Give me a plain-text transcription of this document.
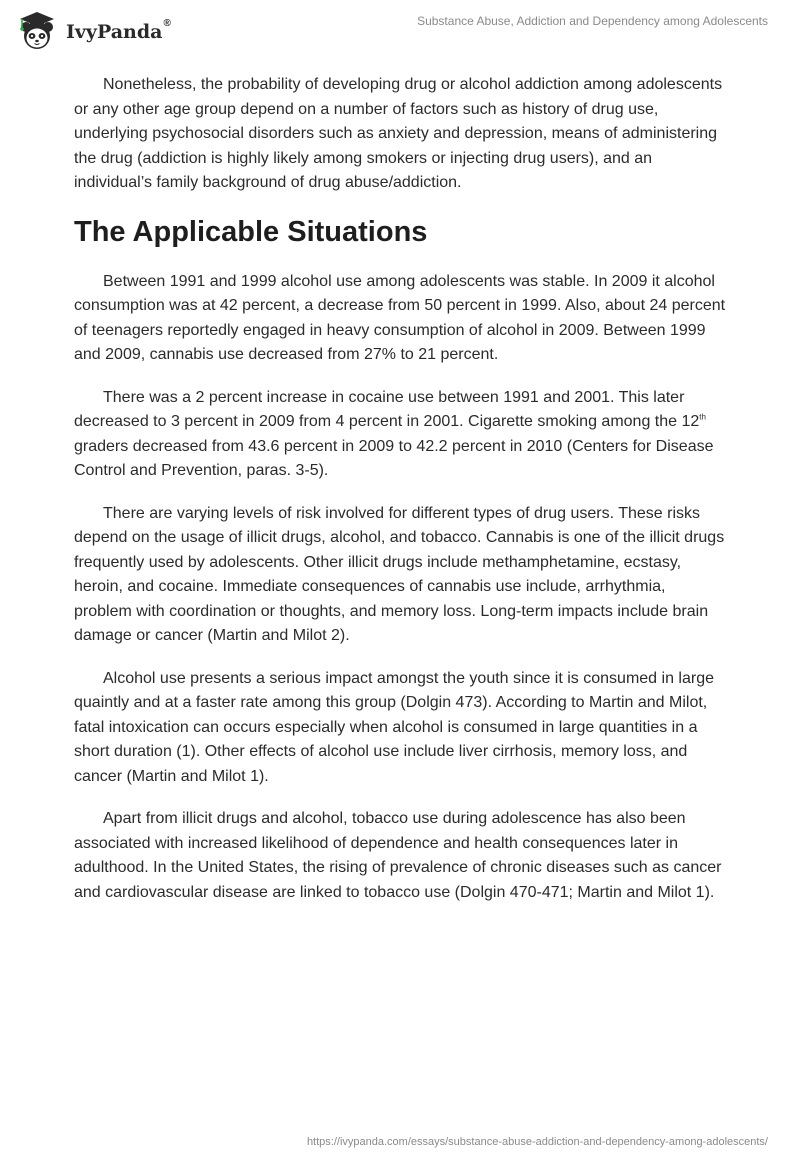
IvyPanda®	Substance Abuse, Addiction and Dependency among Adolescents

Nonetheless, the probability of developing drug or alcohol addiction among adolescents or any other age group depend on a number of factors such as history of drug use, underlying psychosocial disorders such as anxiety and depression, means of administering the drug (addiction is highly likely among smokers or injecting drug users), and an individual’s family background of drug abuse/addiction.

The Applicable Situations

Between 1991 and 1999 alcohol use among adolescents was stable. In 2009 it alcohol consumption was at 42 percent, a decrease from 50 percent in 1999. Also, about 24 percent of teenagers reportedly engaged in heavy consumption of alcohol in 2009. Between 1999 and 2009, cannabis use decreased from 27% to 21 percent.

There was a 2 percent increase in cocaine use between 1991 and 2001. This later decreased to 3 percent in 2009 from 4 percent in 2001. Cigarette smoking among the 12th graders decreased from 43.6 percent in 2009 to 42.2 percent in 2010 (Centers for Disease Control and Prevention, paras. 3-5).

There are varying levels of risk involved for different types of drug users. These risks depend on the usage of illicit drugs, alcohol, and tobacco. Cannabis is one of the illicit drugs frequently used by adolescents. Other illicit drugs include methamphetamine, ecstasy, heroin, and cocaine. Immediate consequences of cannabis use include, arrhythmia, problem with coordination or thoughts, and memory loss. Long-term impacts include brain damage or cancer (Martin and Milot 2).

Alcohol use presents a serious impact amongst the youth since it is consumed in large quaintly and at a faster rate among this group (Dolgin 473). According to Martin and Milot, fatal intoxication can occurs especially when alcohol is consumed in large quantities in a short duration (1). Other effects of alcohol use include liver cirrhosis, memory loss, and cancer (Martin and Milot 1).

Apart from illicit drugs and alcohol, tobacco use during adolescence has also been associated with increased likelihood of dependence and health consequences later in adulthood. In the United States, the rising of prevalence of chronic diseases such as cancer and cardiovascular disease are linked to tobacco use (Dolgin 470-471; Martin and Milot 1).

https://ivypanda.com/essays/substance-abuse-addiction-and-dependency-among-adolescents/
